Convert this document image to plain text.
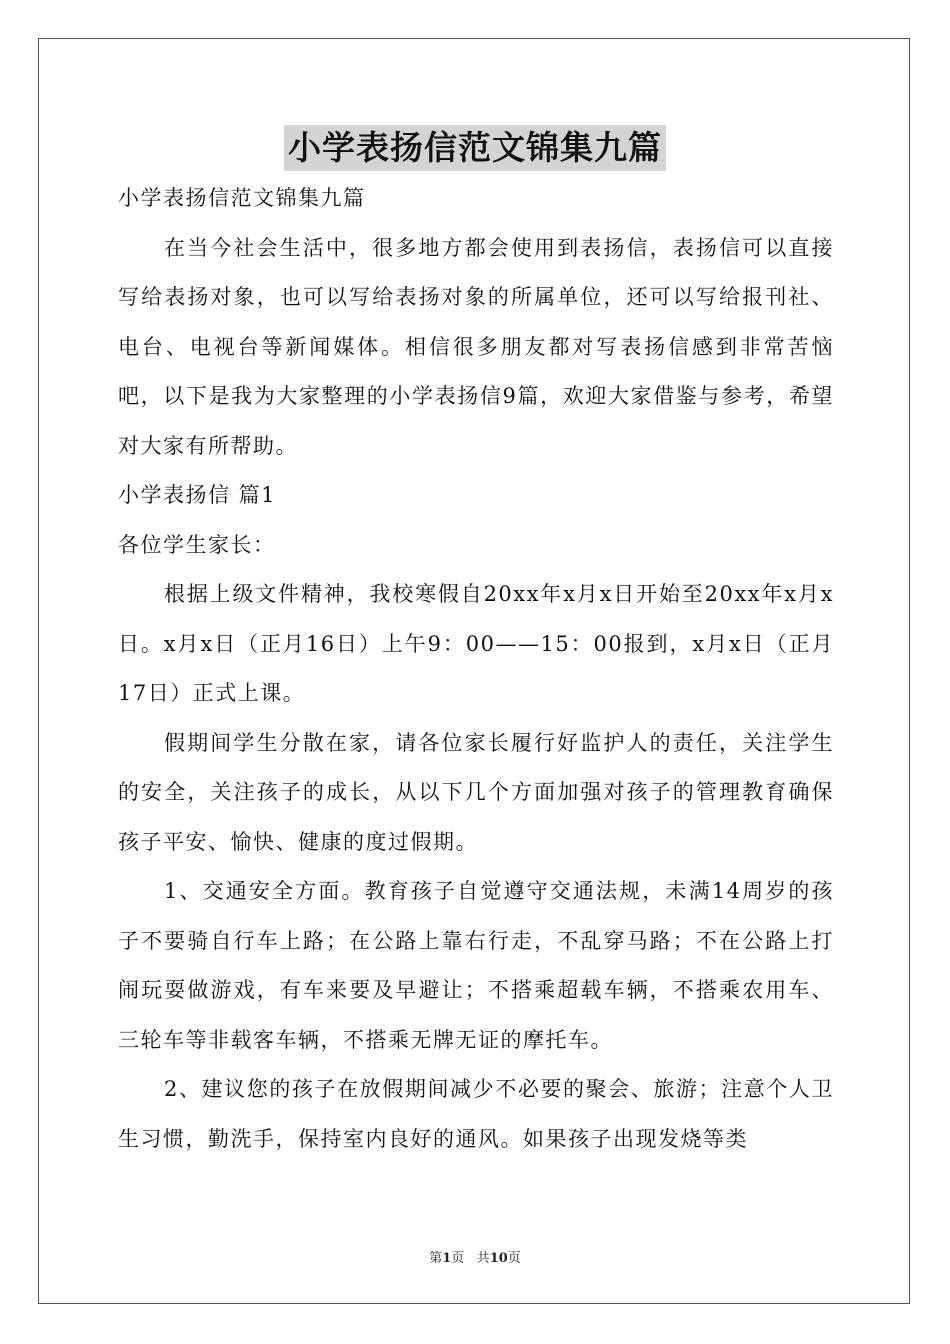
小学表扬信范文锦集九篇

小学表扬信范文锦集九篇

在当今社会生活中，很多地方都会使用到表扬信，表扬信可以直接写给表扬对象，也可以写给表扬对象的所属单位，还可以写给报刊社、电台、电视台等新闻媒体。相信很多朋友都对写表扬信感到非常苦恼吧，以下是我为大家整理的小学表扬信9篇，欢迎大家借鉴与参考，希望对大家有所帮助。

小学表扬信 篇1

各位学生家长：

根据上级文件精神，我校寒假自20xx年x月x日开始至20xx年x月x日。x月x日（正月16日）上午9：00——15：00报到，x月x日（正月17日）正式上课。

假期间学生分散在家，请各位家长履行好监护人的责任，关注学生的安全，关注孩子的成长，从以下几个方面加强对孩子的管理教育确保孩子平安、愉快、健康的度过假期。

1、交通安全方面。教育孩子自觉遵守交通法规，未满14周岁的孩子不要骑自行车上路；在公路上靠右行走，不乱穿马路；不在公路上打闹玩耍做游戏，有车来要及早避让；不搭乘超载车辆，不搭乘农用车、三轮车等非载客车辆，不搭乘无牌无证的摩托车。

2、建议您的孩子在放假期间减少不必要的聚会、旅游；注意个人卫生习惯，勤洗手，保持室内良好的通风。如果孩子出现发烧等类

第1页 共10页
